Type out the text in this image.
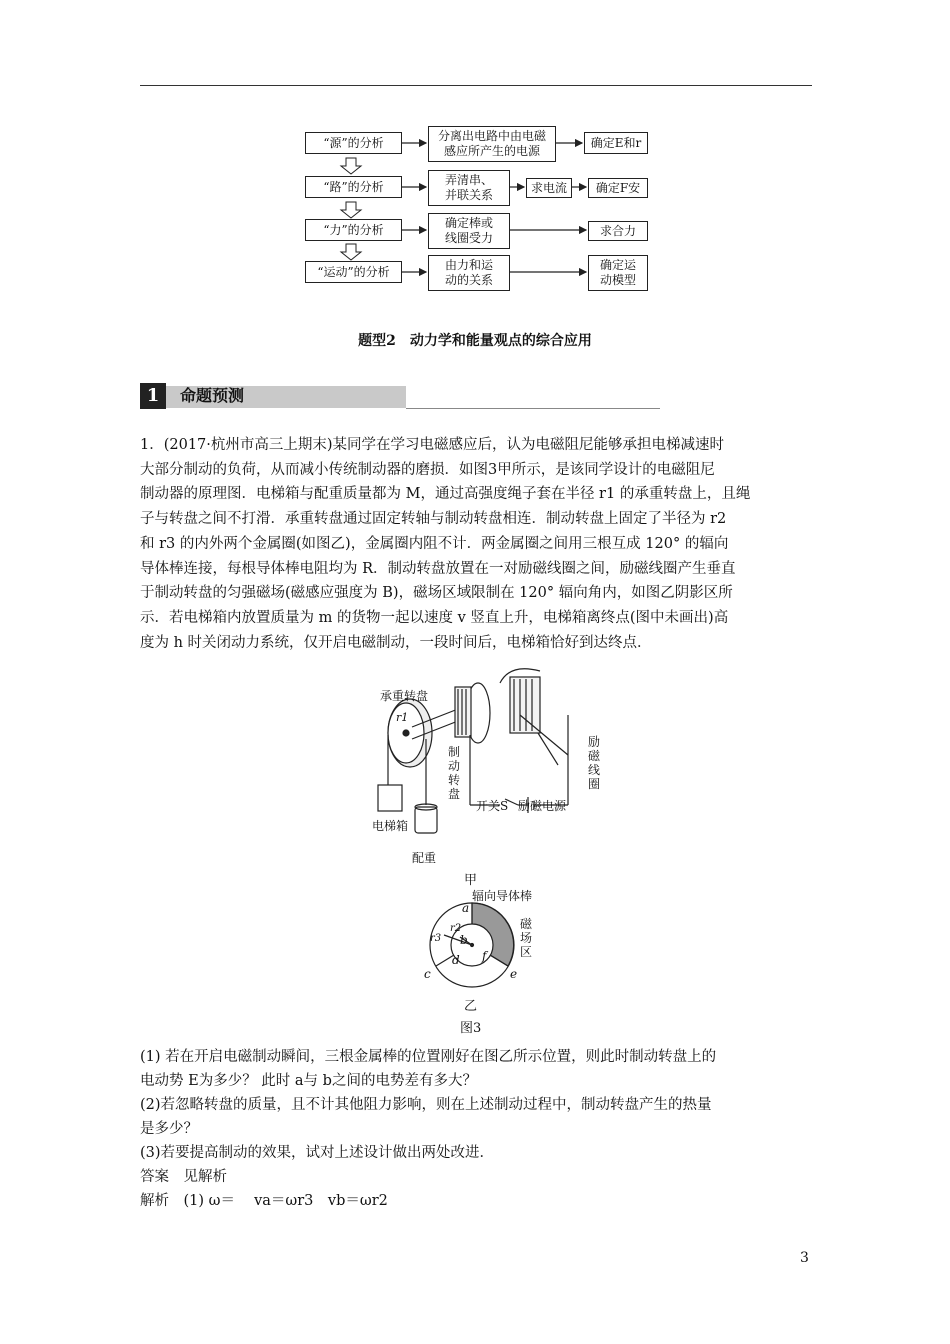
“源”的分析	分离出电路中由电磁
感应所产生的电源
确定E和r
“路”的分析	弄清串、
并联关系
求电流	确定F安
“力”的分析	确定棒或
线圈受力
求合力
“运动”的分析	由力和运
动的关系
确定运
动模型
题型2　动力学和能量观点的综合应用
1	命题预测
1．(2017·杭州市高三上期末)某同学在学习电磁感应后，认为电磁阻尼能够承担电梯减速时
大部分制动的负荷，从而减小传统制动器的磨损．如图3甲所示，是该同学设计的电磁阻尼
制动器的原理图．电梯箱与配重质量都为 M，通过高强度绳子套在半径 r1 的承重转盘上，且绳
子与转盘之间不打滑．承重转盘通过固定转轴与制动转盘相连．制动转盘上固定了半径为 r2
和 r3 的内外两个金属圈(如图乙)，金属圈内阻不计．两金属圈之间用三根互成 120° 的辐向
导体棒连接，每根导体棒电阻均为 R．制动转盘放置在一对励磁线圈之间，励磁线圈产生垂直
于制动转盘的匀强磁场(磁感应强度为 B)，磁场区域限制在 120° 辐向角内，如图乙阴影区所
示．若电梯箱内放置质量为 m 的货物一起以速度 v 竖直上升，电梯箱离终点(图中未画出)高
度为 h 时关闭动力系统，仅开启电磁制动，一段时间后，电梯箱恰好到达终点．
承重转盘
r1
制
动
转
盘
励
磁
线
圈
开关S 励磁电源
电梯箱
配重
甲
辐向导体棒
磁
场
区
a
b
c
d
e
f
r2
r3
乙
图3
(1) 若在开启电磁制动瞬间，三根金属棒的位置刚好在图乙所示位置，则此时制动转盘上的
电动势 E为多少？ 此时 a与 b之间的电势差有多大？
(2)若忽略转盘的质量，且不计其他阻力影响，则在上述制动过程中，制动转盘产生的热量
是多少？
(3)若要提高制动的效果，试对上述设计做出两处改进．
答案　见解析
解析　(1) ω＝　 va＝ωr3　vb＝ωr2
3
